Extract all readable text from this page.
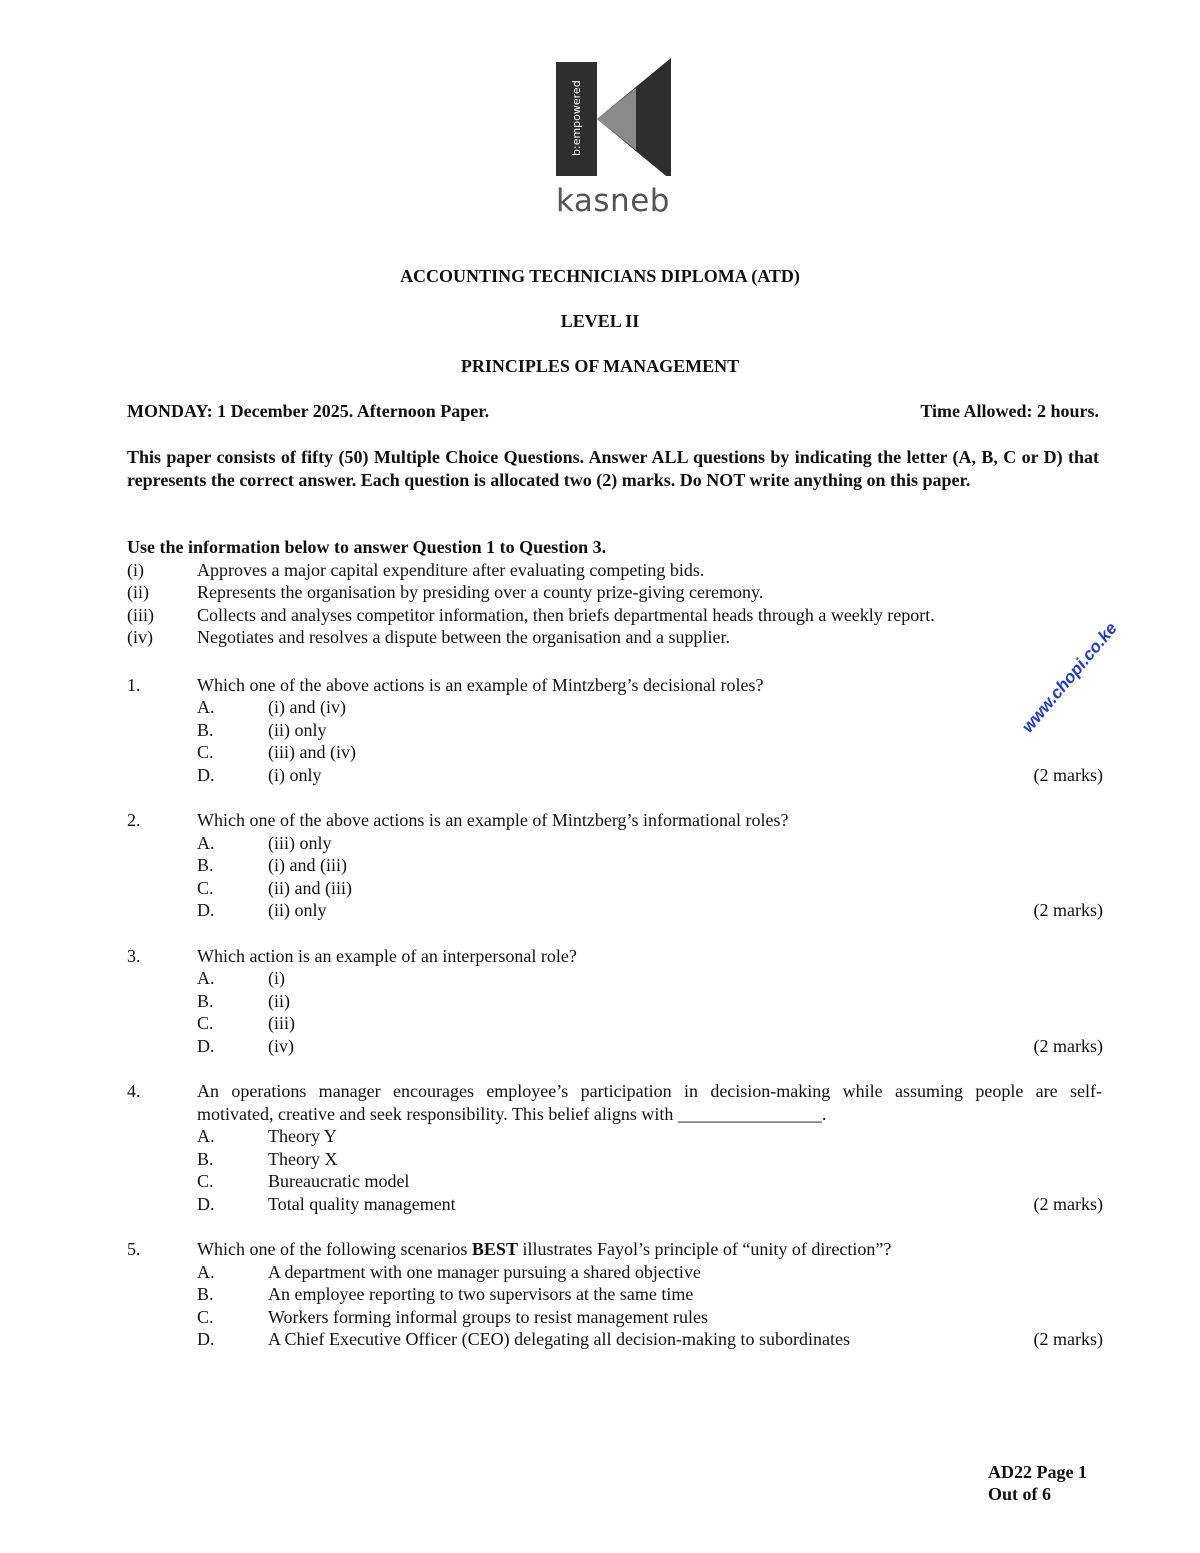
b:empowered
kasneb
ACCOUNTING TECHNICIANS DIPLOMA (ATD)
LEVEL II
PRINCIPLES OF MANAGEMENT
MONDAY: 1 December 2025. Afternoon Paper.	Time Allowed: 2 hours.
This paper consists of fifty (50) Multiple Choice Questions. Answer ALL questions by indicating the letter (A, B, C or D) that represents the correct answer. Each question is allocated two (2) marks. Do NOT write anything on this paper.
Use the information below to answer Question 1 to Question 3.
(i)	Approves a major capital expenditure after evaluating competing bids.
(ii)	Represents the organisation by presiding over a county prize-giving ceremony.
(iii) Collects and analyses competitor information, then briefs departmental heads through a weekly report.
(iv) Negotiates and resolves a dispute between the organisation and a supplier.
1.	Which one of the above actions is an example of Mintzberg’s decisional roles?
A.	(i) and (iv)
B.	(ii) only
C.	(iii) and (iv)
D.	(i) only	(2 marks)
2.	Which one of the above actions is an example of Mintzberg’s informational roles?
A.	(iii) only
B.	(i) and (iii)
C.	(ii) and (iii)
D.	(ii) only	(2 marks)
3.	Which action is an example of an interpersonal role?
A.	(i)
B.	(ii)
C.	(iii)
D.	(iv)	(2 marks)
4.	An operations manager encourages employee’s participation in decision-making while assuming people are self-
motivated, creative and seek responsibility. This belief aligns with ________________.
A.	Theory Y
B.	Theory X
C.	Bureaucratic model
D.	Total quality management	(2 marks)
5.	Which one of the following scenarios BEST illustrates Fayol’s principle of “unity of direction”?
A.	A department with one manager pursuing a shared objective
B.	An employee reporting to two supervisors at the same time
C.	Workers forming informal groups to resist management rules
D.	A Chief Executive Officer (CEO) delegating all decision-making to subordinates	(2 marks)
www.chopi.co.ke
AD22 Page 1
Out of 6
